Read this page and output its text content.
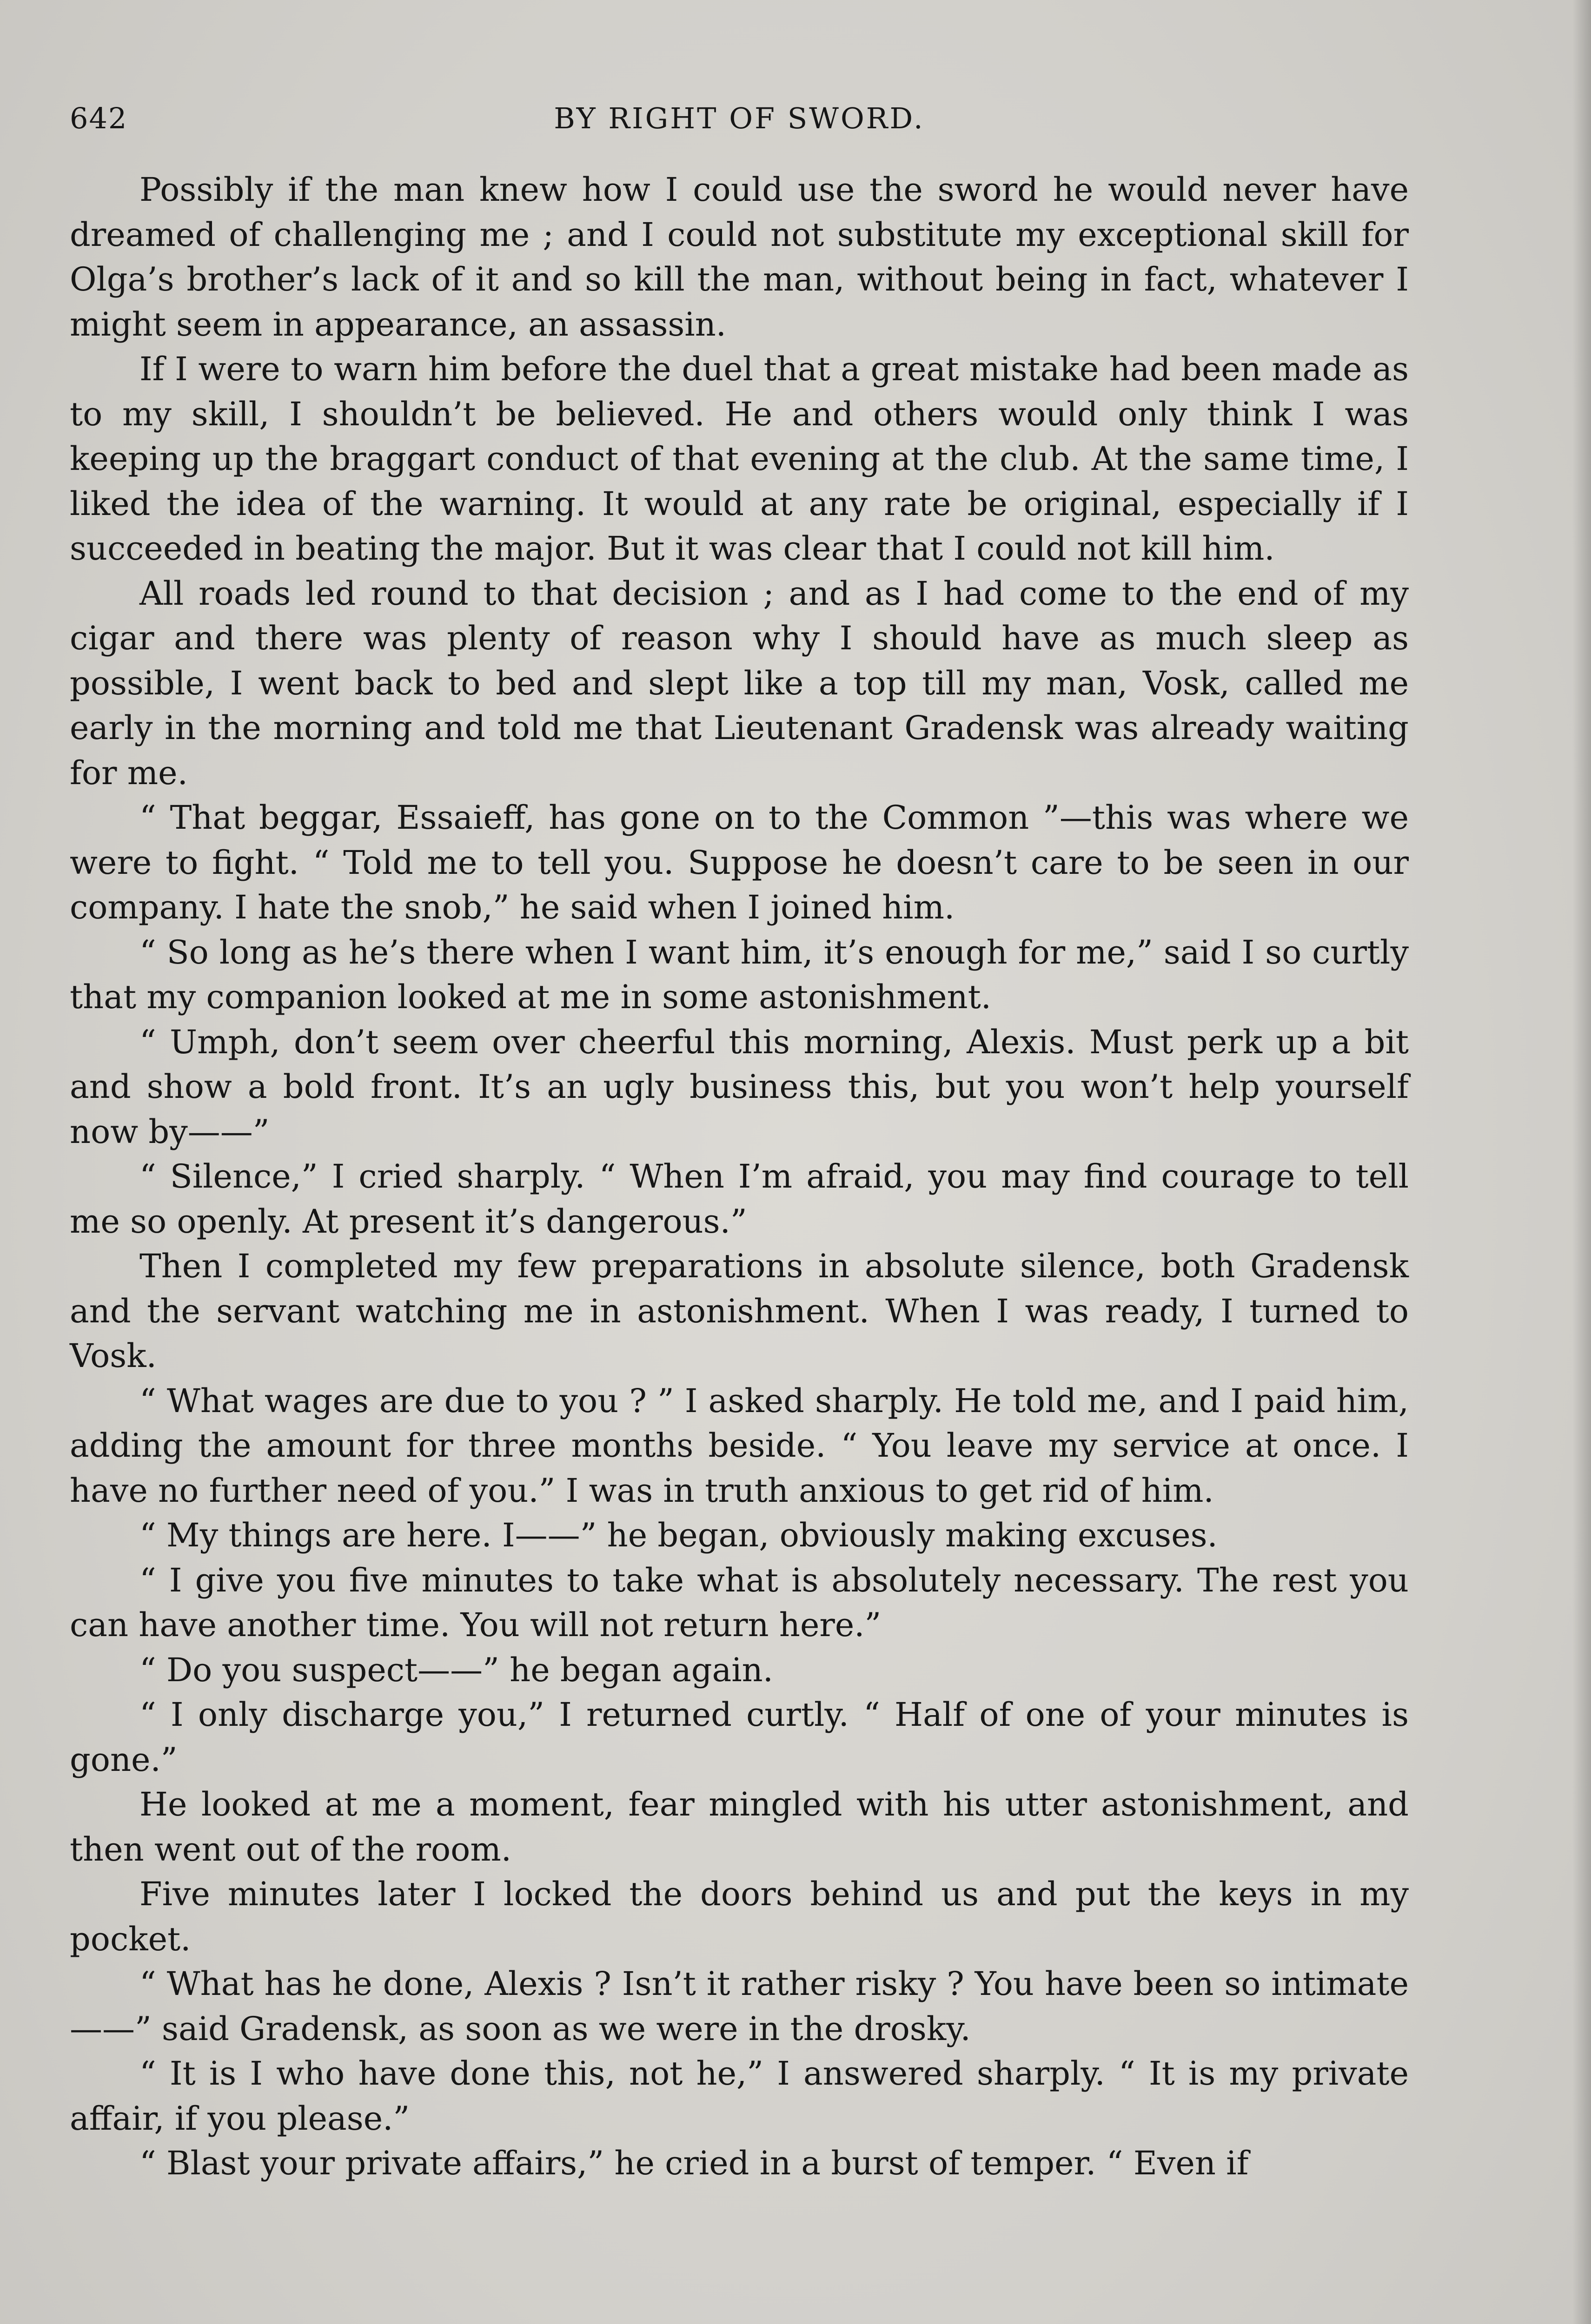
642	BY RIGHT OF SWORD.

Possibly if the man knew how I could use the sword he would never have dreamed of challenging me ; and I could not substitute my exceptional skill for Olga’s brother’s lack of it and so kill the man, without being in fact, whatever I might seem in appearance, an assassin.

If I were to warn him before the duel that a great mistake had been made as to my skill, I shouldn’t be believed. He and others would only think I was keeping up the braggart conduct of that evening at the club. At the same time, I liked the idea of the warning. It would at any rate be original, especially if I succeeded in beating the major. But it was clear that I could not kill him.

All roads led round to that decision ; and as I had come to the end of my cigar and there was plenty of reason why I should have as much sleep as possible, I went back to bed and slept like a top till my man, Vosk, called me early in the morning and told me that Lieutenant Gradensk was already waiting for me.

“ That beggar, Essaieff, has gone on to the Common ”—this was where we were to fight. “ Told me to tell you. Suppose he doesn’t care to be seen in our company. I hate the snob,” he said when I joined him.

“ So long as he’s there when I want him, it’s enough for me,” said I so curtly that my companion looked at me in some astonishment.

“ Umph, don’t seem over cheerful this morning, Alexis. Must perk up a bit and show a bold front. It’s an ugly business this, but you won’t help yourself now by——”

“ Silence,” I cried sharply. “ When I’m afraid, you may find courage to tell me so openly. At present it’s dangerous.”

Then I completed my few preparations in absolute silence, both Gradensk and the servant watching me in astonishment. When I was ready, I turned to Vosk.

“ What wages are due to you ? ” I asked sharply. He told me, and I paid him, adding the amount for three months beside. “ You leave my service at once. I have no further need of you.” I was in truth anxious to get rid of him.

“ My things are here. I——” he began, obviously making excuses.

“ I give you five minutes to take what is absolutely necessary. The rest you can have another time. You will not return here.”

“ Do you suspect——” he began again.

“ I only discharge you,” I returned curtly. “ Half of one of your minutes is gone.”

He looked at me a moment, fear mingled with his utter astonishment, and then went out of the room.

Five minutes later I locked the doors behind us and put the keys in my pocket.

“ What has he done, Alexis ? Isn’t it rather risky ? You have been so intimate——” said Gradensk, as soon as we were in the drosky.

“ It is I who have done this, not he,” I answered sharply. “ It is my private affair, if you please.”

“ Blast your private affairs,” he cried in a burst of temper. “ Even if
